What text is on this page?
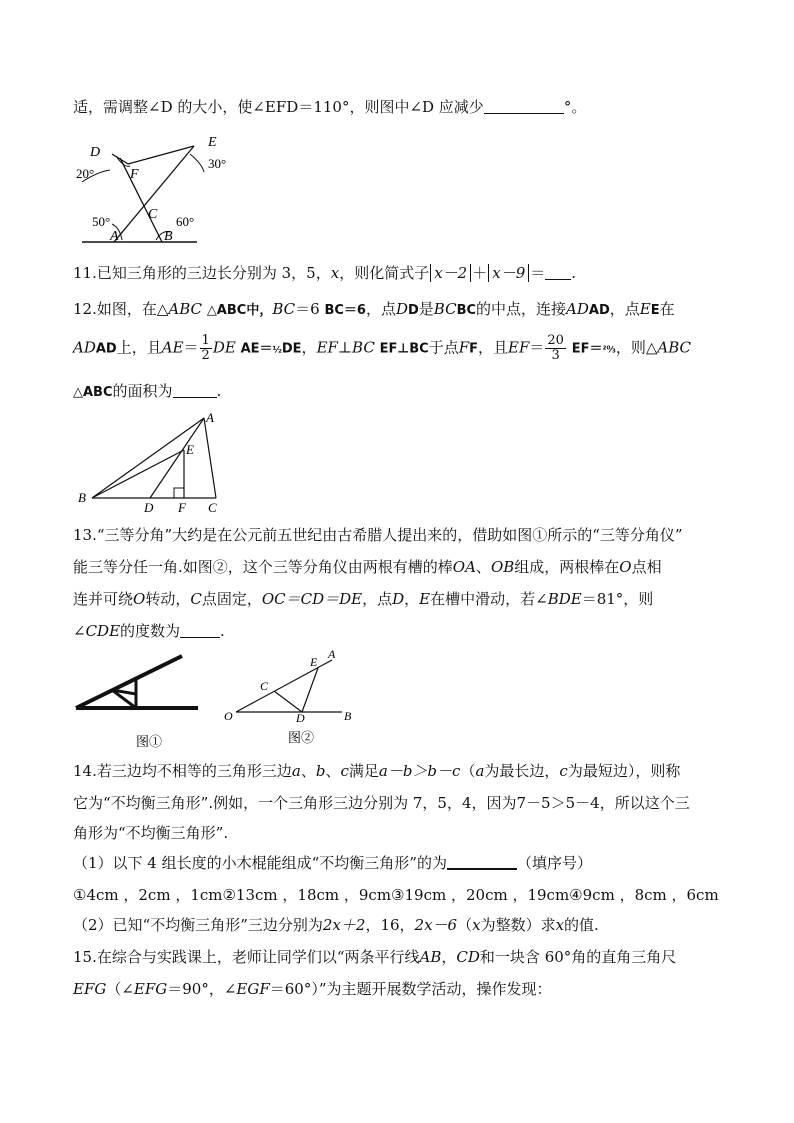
适，需调整∠D 的大小，使∠EFD＝110°，则图中∠D 应减少	°。
D
E
F
C
A	B
20°
30°
50°	60°
11.已知三角形的三边长分别为 3，5，x，则化简式子 x－2 ＋ x－9 ＝ .
12.如图，在△ABC △ABC中，BC＝6 BC＝6，点DD是BCBC的中点，连接ADAD，点EE在
ADAD上，且$AE= \frac{1}{2}$ DE AE＝½DE，EF⊥BC EF⊥BC于点FF，且$EF= \frac{20}{3}$ EF＝²⁰⁄₃，则△ABC
△ABC的面积为	.
A
B
C
D
E
F
13.“三等分角”大约是在公元前五世纪由古希腊人提出来的，借助如图①所示的“三等分角仪”
能三等分任一角.如图②，这个三等分角仪由两根有槽的棒OA、OB组成，两根棒在O点相
连并可绕O转动，C点固定，OC＝CD＝DE，点D，E在槽中滑动，若∠BDE＝81°，则
∠CDE的度数为	.
图①
A
E
C
O	D	B
图②
14.若三边均不相等的三角形三边a、b、c满足a－b＞b－c（a为最长边，c为最短边），则称
它为“不均衡三角形”.例如，一个三角形三边分别为 7，5，4，因为7－5＞5－4，所以这个三
角形为“不均衡三角形”.
（1）以下 4 组长度的小木棍能组成“不均衡三角形”的为	（填序号）
①4cm ，2cm ，1cm②13cm ，18cm ，9cm③19cm ，20cm ，19cm④9cm ，8cm ，6cm
（2）已知“不均衡三角形”三边分别为2x＋2，16，2x－6（x为整数）求x的值.
15.在综合与实践课上，老师让同学们以“两条平行线AB，CD和一块含 60°角的直角三角尺
EFG（∠EFG＝90°，∠EGF＝60°）”为主题开展数学活动，操作发现：
